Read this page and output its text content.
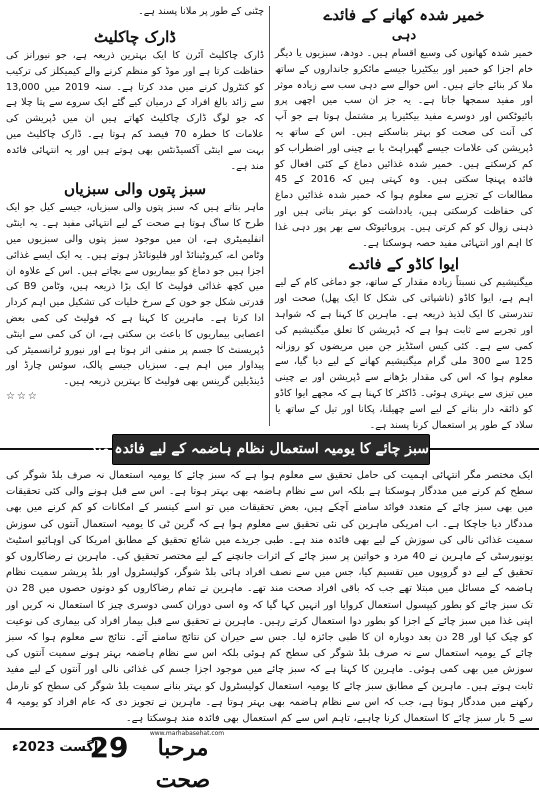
خمیر شدہ کھانے کے فائدے
دہی

خمیر شدہ کھانوں کی وسیع اقسام ہیں۔ دودھ، سبزیوں یا دیگر خام اجزا کو خمیر اور بیکٹیریا جیسے مائکرو جانداروں کے ساتھ ملا کر بنائے جاتے ہیں۔ اس حوالے سے دہی سب سے زیادہ موثر اور مفید سمجھا جاتا ہے۔ یہ جز ان سب میں اچھی پرو بائیوٹکس اور دوسرے مفید بیکٹیریا پر مشتمل ہوتا ہے جو آپ کی آنت کی صحت کو بہتر بناسکتے ہیں۔ اس کے ساتھ یہ ڈپریشن کی علامات جیسے گھبراہٹ یا بے چینی اور اضطراب کو کم کرسکتے ہیں۔ خمیر شدہ غذائیں دماغ کے کئی افعال کو فائدہ پہنچا سکتی ہیں۔ وہ کہتی ہیں کہ 2016 کے 45 مطالعات کے تجزیے سے معلوم ہوا کہ خمیر شدہ غذائیں دماغ کی حفاظت کرسکتی ہیں، یادداشت کو بہتر بناتی ہیں اور ذہنی زوال کو کم کرتی ہیں۔ پروبائیوٹک سے بھر پور دہی غذا کا اہم اور انتہائی مفید حصہ ہوسکتا ہے۔

ایوا کاڈو کے فائدے

میگنیشیم کی نسبتاً زیادہ مقدار کے ساتھ، جو دماغی کام کے لیے اہم ہے، ایوا کاڈو (ناشپاتی کی شکل کا ایک پھل) صحت اور تندرستی کا ایک لذیذ ذریعہ ہے۔ ماہرین کا کہنا ہے کہ شواہد اور تجربے سے ثابت ہوا ہے کہ ڈپریشن کا تعلق میگنیشیم کی کمی سے ہے۔ کئی کیس اسٹڈیز جن میں مریضوں کو روزانہ 125 سے 300 ملی گرام میگنیشیم کھانے کے لیے دیا گیا، سے معلوم ہوا کہ اس کی مقدار بڑھانے سے ڈپریشن اور بے چینی میں تیزی سے بہتری ہوئی۔ ڈاکٹر کا کہنا ہے کہ مجھے ایوا کاڈو کو ذائقہ دار بنانے کے لیے اسے چھیلنا، پکانا اور تیل کے ساتھ یا سلاد کے طور پر استعمال کرنا پسند ہے۔

چٹنی کے طور پر ملانا پسند ہے۔

ڈارک چاکلیٹ

ڈارک چاکلیٹ آئرن کا ایک بہترین ذریعہ ہے، جو نیورانز کی حفاظت کرتا ہے اور موڈ کو منظم کرنے والے کیمیکلز کی ترکیب کو کنٹرول کرنے میں مدد کرتا ہے۔ سنہ 2019 میں 13,000 سے زائد بالغ افراد کے درمیان کیے گئے ایک سروے سے پتا چلا ہے کہ جو لوگ ڈارک چاکلیٹ کھاتے ہیں ان میں ڈپریشن کی علامات کا خطرہ 70 فیصد کم ہوتا ہے۔ ڈارک چاکلیٹ میں بہت سے اینٹی آکسیڈنٹس بھی ہوتے ہیں اور یہ انتہائی فائدہ مند ہے۔

سبز پتوں والی سبزیاں

ماہر بتاتے ہیں کہ سبز پتوں والی سبزیاں، جیسے کیل جو ایک طرح کا ساگ ہوتا ہے صحت کے لیے انتہائی مفید ہے۔ یہ اینٹی انفلیمیٹری ہے، ان میں موجود سبز پتوں والی سبزیوں میں وٹامن اے، کیروٹینائڈ اور فلیونائڈز ہوتے ہیں۔ یہ ایک ایسے غذائی اجزا ہیں جو دماغ کو بیماریوں سے بچاتے ہیں۔ اس کے علاوہ ان میں کچھ غذائی فولیٹ کا ایک بڑا ذریعہ ہیں، وٹامن B9 کی قدرتی شکل جو خون کے سرخ خلیات کی تشکیل میں اہم کردار ادا کرتا ہے۔ ماہرین کا کہنا ہے کہ فولیٹ کی کمی بعض اعصابی بیماریوں کا باعث بن سکتی ہے، ان کی کمی سے اینٹی ڈپریسنٹ کا جسم پر منفی اثر ہوتا ہے اور نیورو ٹرانسمیٹر کی پیداوار میں اہم ہے۔ سبزیاں جیسے پالک، سوئس چارڈ اور ڈینڈیلین گرینس بھی فولیٹ کا بہترین ذریعہ ہیں۔

☆☆☆

سبز چائے کا یومیہ استعمال نظام ہاضمہ کے لیے فائدہ مند

ایک مختصر مگر انتہائی اہمیت کی حامل تحقیق سے معلوم ہوا ہے کہ سبز چائے کا یومیہ استعمال نہ صرف بلڈ شوگر کی سطح کم کرنے میں مددگار ہوسکتا ہے بلکہ اس سے نظام ہاضمہ بھی بہتر ہوتا ہے۔ اس سے قبل ہونے والی کئی تحقیقات میں بھی سبز چائے کے متعدد فوائد سامنے آچکے ہیں، بعض تحقیقات میں تو اسے کینسر کے امکانات کو کم کرنے میں بھی مددگار دیا جاچکا ہے۔ اب امریکی ماہرین کی نئی تحقیق سے معلوم ہوا ہے کہ گرین ٹی کا یومیہ استعمال آنتوں کی سوزش سمیت غذائی نالی کی سوزش کے لیے بھی فائدہ مند ہے۔ طبی جریدے میں شائع تحقیق کے مطابق امریکا کی اوہائیو اسٹیٹ یونیورسٹی کے ماہرین نے 40 مرد و خواتین پر سبز چائے کے اثرات جانچنے کے لیے مختصر تحقیق کی۔ ماہرین نے رضاکاروں کو تحقیق کے لیے دو گروپوں میں تقسیم کیا، جس میں سے نصف افراد ہائی بلڈ شوگر، کولیسٹرول اور بلڈ پریشر سمیت نظام ہاضمہ کے مسائل میں مبتلا تھے جب کہ باقی افراد صحت مند تھے۔ ماہرین نے تمام رضاکاروں کو دونوں حصوں میں 28 دن تک سبز چائے کو بطور کیپسول استعمال کروایا اور انہیں کہا گیا کہ وہ اسی دوران کسی دوسری چیز کا استعمال نہ کریں اور اپنی غذا میں سبز چائے کے اجزا کو بطور دوا استعمال کرتے رہیں۔ ماہرین نے تحقیق سے قبل بیمار افراد کی بیماری کی نوعیت کو چیک کیا اور 28 دن بعد دوبارہ ان کا طبی جائزہ لیا۔ جس سے حیران کن نتائج سامنے آئے۔ نتائج سے معلوم ہوا کہ سبز چائے کے یومیہ استعمال سے نہ صرف بلڈ شوگر کی سطح کم ہوئی بلکہ اس سے نظام ہاضمہ بہتر ہونے سمیت آنتوں کی سوزش میں بھی کمی ہوئی۔ ماہرین کا کہنا ہے کہ سبز چائے میں موجود اجزا جسم کی غذائی نالی اور آنتوں کے لیے مفید ثابت ہوتے ہیں۔ ماہرین کے مطابق سبز چائے کا یومیہ استعمال کولیسٹرول کو بہتر بنانے سمیت بلڈ شوگر کی سطح کو نارمل رکھنے میں مددگار ہوتا ہے، جب کہ اس سے نظام ہاضمہ بھی بہتر ہوتا ہے۔ ماہرین نے تجویز دی کہ عام افراد کو یومیہ 4 سے 5 بار سبز چائے کا استعمال کرنا چاہیے، تاہم اس سے کم استعمال بھی فائدہ مند ہوسکتا ہے۔

www.marhabasehat.com
مرحبا صحت
29
اگست 2023ء
